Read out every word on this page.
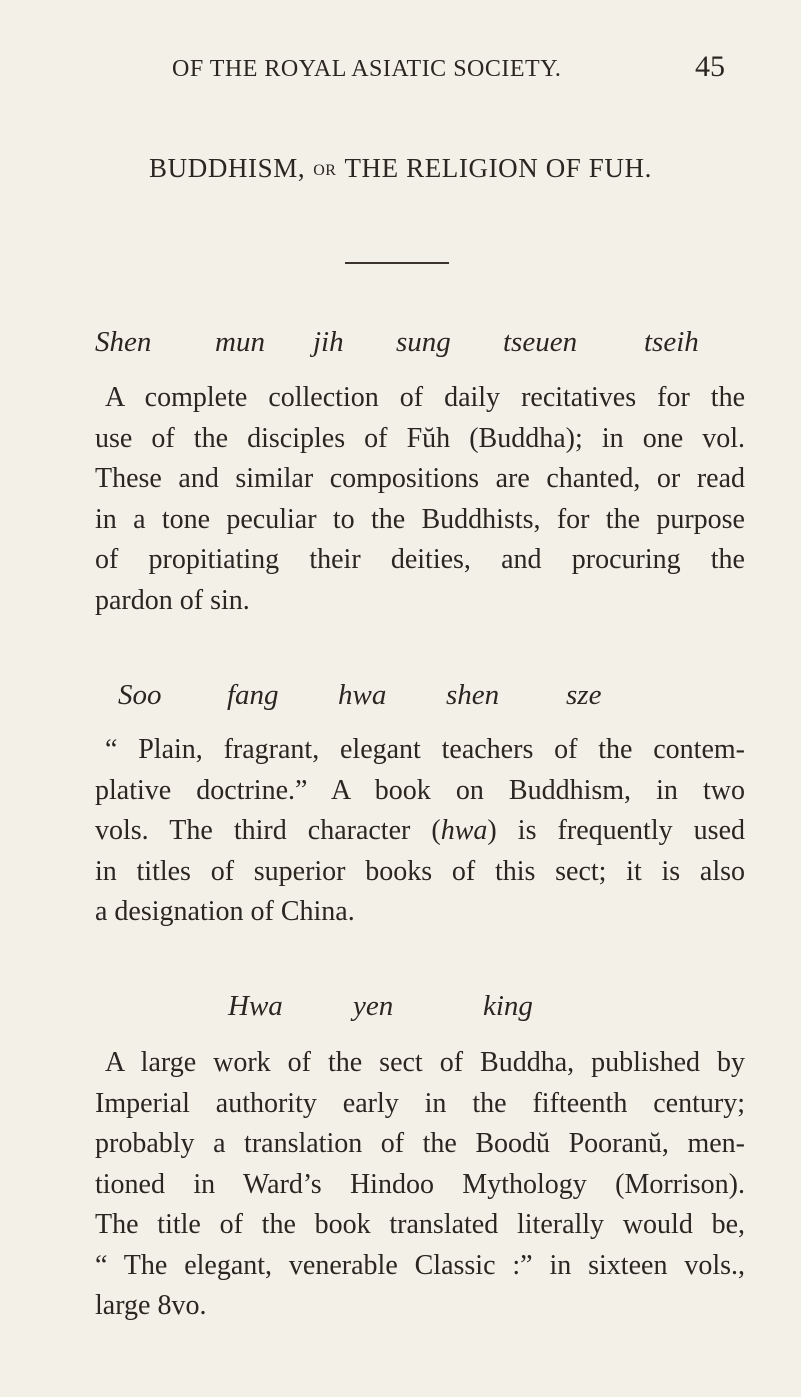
OF THE ROYAL ASIATIC SOCIETY.	45
BUDDHISM, OR THE RELIGION OF FUH.
Shen mun jih sung tseuen tseih
A complete collection of daily recitatives for the
use of the disciples of Fŭh (Buddha); in one vol.
These and similar compositions are chanted, or read
in a tone peculiar to the Buddhists, for the purpose
of propitiating their deities, and procuring the
pardon of sin.
Soo fang hwa shen sze
“ Plain, fragrant, elegant teachers of the contem-
plative doctrine.” A book on Buddhism, in two
vols. The third character (hwa) is frequently used
in titles of superior books of this sect; it is also
a designation of China.
Hwa yen	king
A large work of the sect of Buddha, published by
Imperial authority early in the fifteenth century;
probably a translation of the Boodŭ Pooranŭ, men-
tioned in Ward’s Hindoo Mythology (Morrison).
The title of the book translated literally would be,
“ The elegant, venerable Classic :” in sixteen vols.,
large 8vo.
